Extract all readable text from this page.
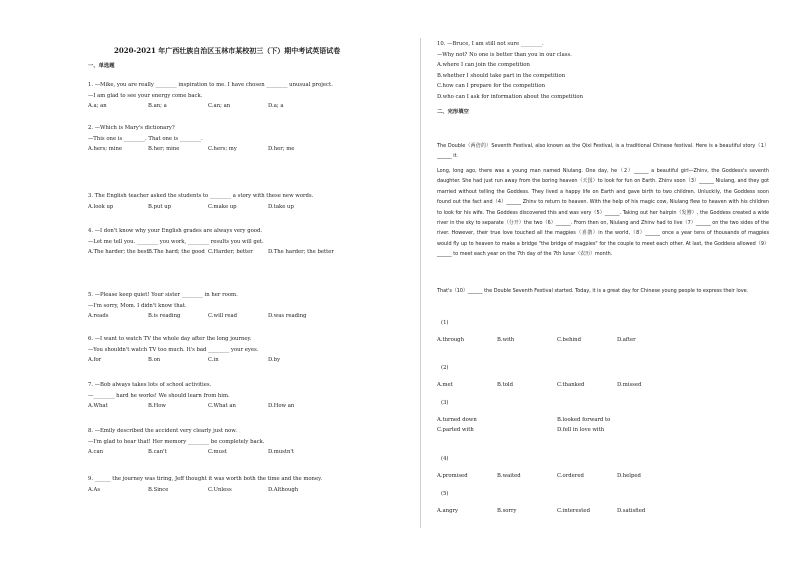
2020-2021 年广西壮族自治区玉林市某校初三（下）期中考试英语试卷
一、单选题
1. —Mike, you are really ________ inspiration to me. I have chosen ________ unusual project.
—I am glad to see your energy come back.
A.a; an	B.an; a	C.an; an	D.a; a
2. —Which is Mary's dictionary?
—This one is ________. That one is ________.
A.hers; mine	B.her; mine	C.hers; my	D.her; me
3. The English teacher asked the students to ________ a story with these new words.
A.look up	B.put up	C.make up	D.take up
4. —I don't know why your English grades are always very good.
—Let me tell you. ________ you work, ________ results you will get.
A.The harder; the best B.The hard; the good C.Harder; better	D.The harder; the better
5. —Please keep quiet! Your sister ________ in her room.
—I'm sorry, Mom. I didn't know that.
A.reads	B.is reading	C.will read	D.was reading
6. —I want to watch TV the whole day after the long journey.
—You shouldn't watch TV too much. It's bad ________ your eyes.
A.for	B.on	C.in	D.by
7. —Bob always takes lots of school activities.
—________ hard he works! We should learn from him.
A.What	B.How	C.What an	D.How an
8. —Emily described the accident very clearly just now.
—I'm glad to hear that! Her memory ________ be completely back.
A.can	B.can't	C.must	D.mustn't
9. ______ the journey was tiring, Jeff thought it was worth both the time and the money.
A.As	B.Since	C.Unless	D.Although
10. —Bruce, I am still not sure ________.
—Why not? No one is better than you in our class.
A.where I can join the competition
B.whether I should take part in the competition
C.how can I prepare for the competition
D.who can I ask for information about the competition
二、完形填空

The Double（两倍的）Seventh Festival, also known as the Qixi Festival, is a traditional Chinese festival. Here is a beautiful story（1）______ it.

Long, long ago, there was a young man named Niulang. One day, he（2）______ a beautiful girl—Zhinv, the Goddess's seventh daughter. She had just run away from the boring heaven（天国）to look for fun on Earth. Zhinv soon（3）______ Niulang, and they got married without telling the Goddess. They lived a happy life on Earth and gave birth to two children. Unluckily, the Goddess soon found out the fact and（4）______ Zhinv to return to heaven. With the help of his magic cow, Niulang flew to heaven with his children to look for his wife. The Goddess discovered this and was very（5）______. Taking out her hairpin（发簪）, the Goddess created a wide river in the sky to separate（分开）the two（6）______. From then on, Niulang and Zhinv had to live（7）______ on the two sides of the river. However, their true love touched all the magpies（喜鹊）in the world,（8）______ once a year tens of thousands of magpies would fly up to heaven to make a bridge "the bridge of magpies" for the couple to meet each other. At last, the Goddess allowed（9）______ to meet each year on the 7th day of the 7th lunar（农历）month.

That's（10）______ the Double Seventh Festival started. Today, it is a great day for Chinese young people to express their love.

(1)
A.through	B.with	C.behind	D.after
(2)
A.met	B.told	C.thanked	D.missed
(3)
A.turned down	B.looked forward to
C.parted with	D.fell in love with
(4)
A.promised	B.waited	C.ordered	D.helped
(5)
A.angry	B.sorry	C.interested	D.satisfied
